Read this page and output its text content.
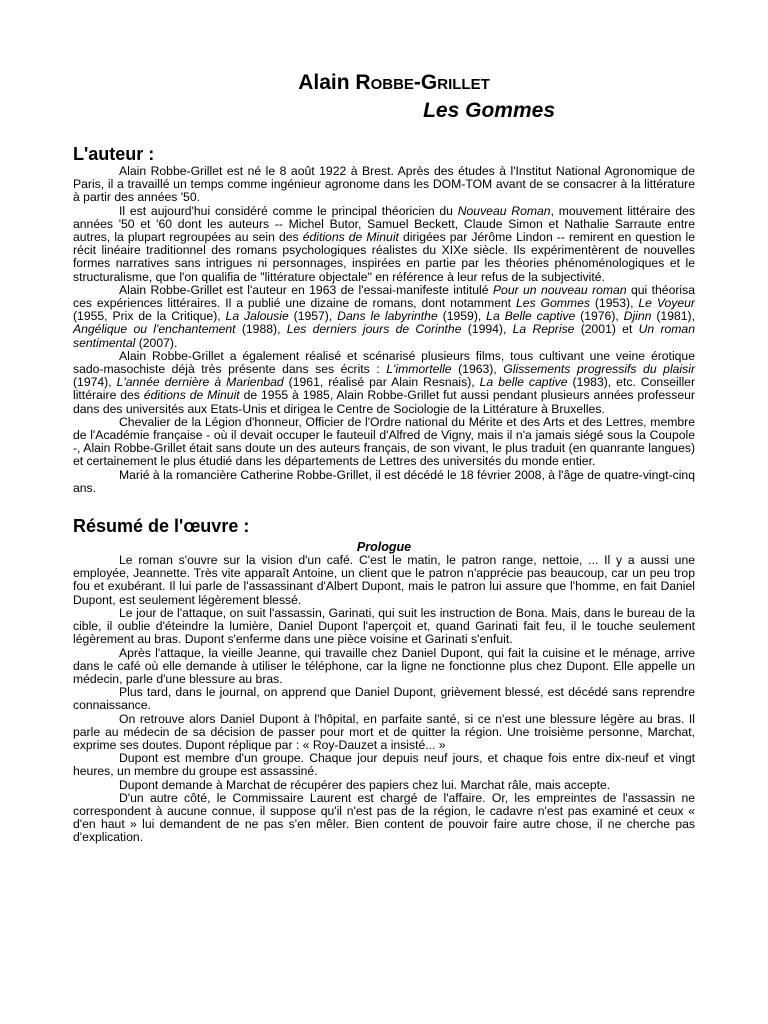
Alain ROBBE-GRILLET
Les Gommes
L'auteur :

Alain Robbe-Grillet est né le 8 août 1922 à Brest. Après des études à l'Institut National Agronomique de Paris, il a travaillé un temps comme ingénieur agronome dans les DOM-TOM avant de se consacrer à la littérature à partir des années '50.

Il est aujourd'hui considéré comme le principal théoricien du Nouveau Roman, mouvement littéraire des années '50 et '60 dont les auteurs -- Michel Butor, Samuel Beckett, Claude Simon et Nathalie Sarraute entre autres, la plupart regroupées au sein des éditions de Minuit dirigées par Jérôme Lindon -- remirent en question le récit linéaire traditionnel des romans psychologiques réalistes du XIXe siècle. Ils expérimentèrent de nouvelles formes narratives sans intrigues ni personnages, inspirées en partie par les théories phénoménologiques et le structuralisme, que l'on qualifia de "littérature objectale" en référence à leur refus de la subjectivité.

Alain Robbe-Grillet est l'auteur en 1963 de l'essai-manifeste intitulé Pour un nouveau roman qui théorisa ces expériences littéraires. Il a publié une dizaine de romans, dont notamment Les Gommes (1953), Le Voyeur (1955, Prix de la Critique), La Jalousie (1957), Dans le labyrinthe (1959), La Belle captive (1976), Djinn (1981), Angélique ou l'enchantement (1988), Les derniers jours de Corinthe (1994), La Reprise (2001) et Un roman sentimental (2007).

Alain Robbe-Grillet a également réalisé et scénarisé plusieurs films, tous cultivant une veine érotique sado-masochiste déjà très présente dans ses écrits : L'immortelle (1963), Glissements progressifs du plaisir (1974), L'année dernière à Marienbad (1961, réalisé par Alain Resnais), La belle captive (1983), etc. Conseiller littéraire des éditions de Minuit de 1955 à 1985, Alain Robbe-Grillet fut aussi pendant plusieurs années professeur dans des universités aux Etats-Unis et dirigea le Centre de Sociologie de la Littérature à Bruxelles.

Chevalier de la Légion d'honneur, Officier de l'Ordre national du Mérite et des Arts et des Lettres, membre de l'Académie française - où il devait occuper le fauteuil d'Alfred de Vigny, mais il n'a jamais siégé sous la Coupole -, Alain Robbe-Grillet était sans doute un des auteurs français, de son vivant, le plus traduit (en quanrante langues) et certainement le plus étudié dans les départements de Lettres des universités du monde entier.

Marié à la romancière Catherine Robbe-Grillet, il est décédé le 18 février 2008, à l'âge de quatre-vingt-cinq ans.

Résumé de l'œuvre :
Prologue

Le roman s'ouvre sur la vision d'un café. C'est le matin, le patron range, nettoie, ... Il y a aussi une employée, Jeannette. Très vite apparaît Antoine, un client que le patron n'apprécie pas beaucoup, car un peu trop fou et exubérant. Il lui parle de l'assassinant d'Albert Dupont, mais le patron lui assure que l'homme, en fait Daniel Dupont, est seulement légèrement blessé.

Le jour de l'attaque, on suit l'assassin, Garinati, qui suit les instruction de Bona. Mais, dans le bureau de la cible, il oublie d'éteindre la lumière, Daniel Dupont l'aperçoit et, quand Garinati fait feu, il le touche seulement légèrement au bras. Dupont s'enferme dans une pièce voisine et Garinati s'enfuit.

Après l'attaque, la vieille Jeanne, qui travaille chez Daniel Dupont, qui fait la cuisine et le ménage, arrive dans le café où elle demande à utiliser le téléphone, car la ligne ne fonctionne plus chez Dupont. Elle appelle un médecin, parle d'une blessure au bras.

Plus tard, dans le journal, on apprend que Daniel Dupont, grièvement blessé, est décédé sans reprendre connaissance.

On retrouve alors Daniel Dupont à l'hôpital, en parfaite santé, si ce n'est une blessure légère au bras. Il parle au médecin de sa décision de passer pour mort et de quitter la région. Une troisième personne, Marchat, exprime ses doutes. Dupont réplique par : « Roy-Dauzet a insisté... »

Dupont est membre d'un groupe. Chaque jour depuis neuf jours, et chaque fois entre dix-neuf et vingt heures, un membre du groupe est assassiné.

Dupont demande à Marchat de récupérer des papiers chez lui. Marchat râle, mais accepte.

D'un autre côté, le Commissaire Laurent est chargé de l'affaire. Or, les empreintes de l'assassin ne correspondent à aucune connue, il suppose qu'il n'est pas de la région, le cadavre n'est pas examiné et ceux « d'en haut » lui demandent de ne pas s'en mêler. Bien content de pouvoir faire autre chose, il ne cherche pas d'explication.
